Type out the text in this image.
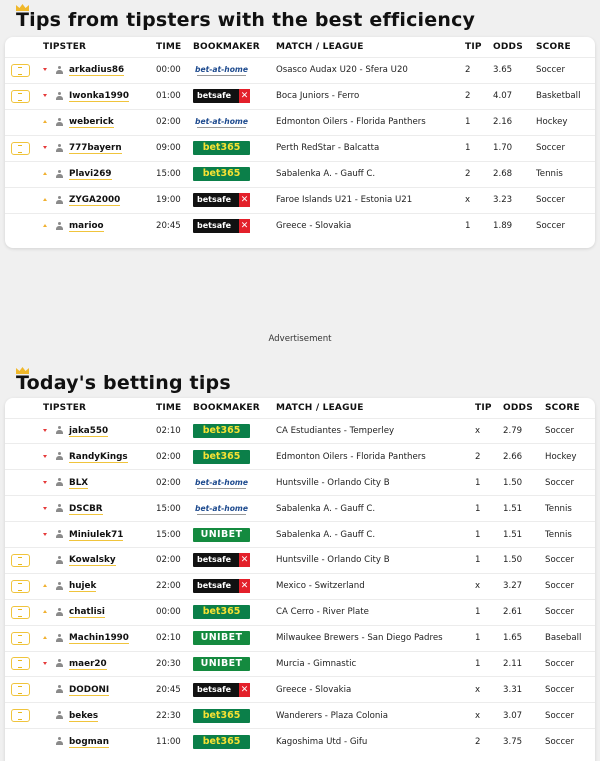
Tips from tipsters with the best efficiency
	TIPSTER	TIME	BOOKMAKER	MATCH / LEAGUE	TIP	ODDS	SCORE
	arkadius86	00:00	bet-at-home	Osasco Audax U20 - Sfera U20	2	3.65	Soccer
	Iwonka1990	01:00	betsafe ✕	Boca Juniors - Ferro	2	4.07	Basketball
	weberick	02:00	bet-at-home	Edmonton Oilers - Florida Panthers	1	2.16	Hockey
	777bayern	09:00	bet365	Perth RedStar - Balcatta	1	1.70	Soccer
	Plavi269	15:00	bet365	Sabalenka A. - Gauff C.	2	2.68	Tennis
	ZYGA2000	19:00	betsafe ✕	Faroe Islands U21 - Estonia U21	x	3.23	Soccer
	marioo	20:45	betsafe ✕	Greece - Slovakia	1	1.89	Soccer
Advertisement
Today's betting tips
	TIPSTER	TIME	BOOKMAKER	MATCH / LEAGUE	TIP	ODDS	SCORE
	jaka550	02:10	bet365	CA Estudiantes - Temperley	x	2.79	Soccer
	RandyKings	02:00	bet365	Edmonton Oilers - Florida Panthers	2	2.66	Hockey
	BLX	02:00	bet-at-home	Huntsville - Orlando City B	1	1.50	Soccer
	DSCBR	15:00	bet-at-home	Sabalenka A. - Gauff C.	1	1.51	Tennis
	Miniulek71	15:00	UNIBET	Sabalenka A. - Gauff C.	1	1.51	Tennis
	Kowalsky	02:00	betsafe ✕	Huntsville - Orlando City B	1	1.50	Soccer
	hujek	22:00	betsafe ✕	Mexico - Switzerland	x	3.27	Soccer
	chatlisi	00:00	bet365	CA Cerro - River Plate	1	2.61	Soccer
	Machin1990	02:10	UNIBET	Milwaukee Brewers - San Diego Padres	1	1.65	Baseball
	maer20	20:30	UNIBET	Murcia - Gimnastic	1	2.11	Soccer
	DODONI	20:45	betsafe ✕	Greece - Slovakia	x	3.31	Soccer
	bekes	22:30	bet365	Wanderers - Plaza Colonia	x	3.07	Soccer
	bogman	11:00	bet365	Kagoshima Utd - Gifu	2	3.75	Soccer
